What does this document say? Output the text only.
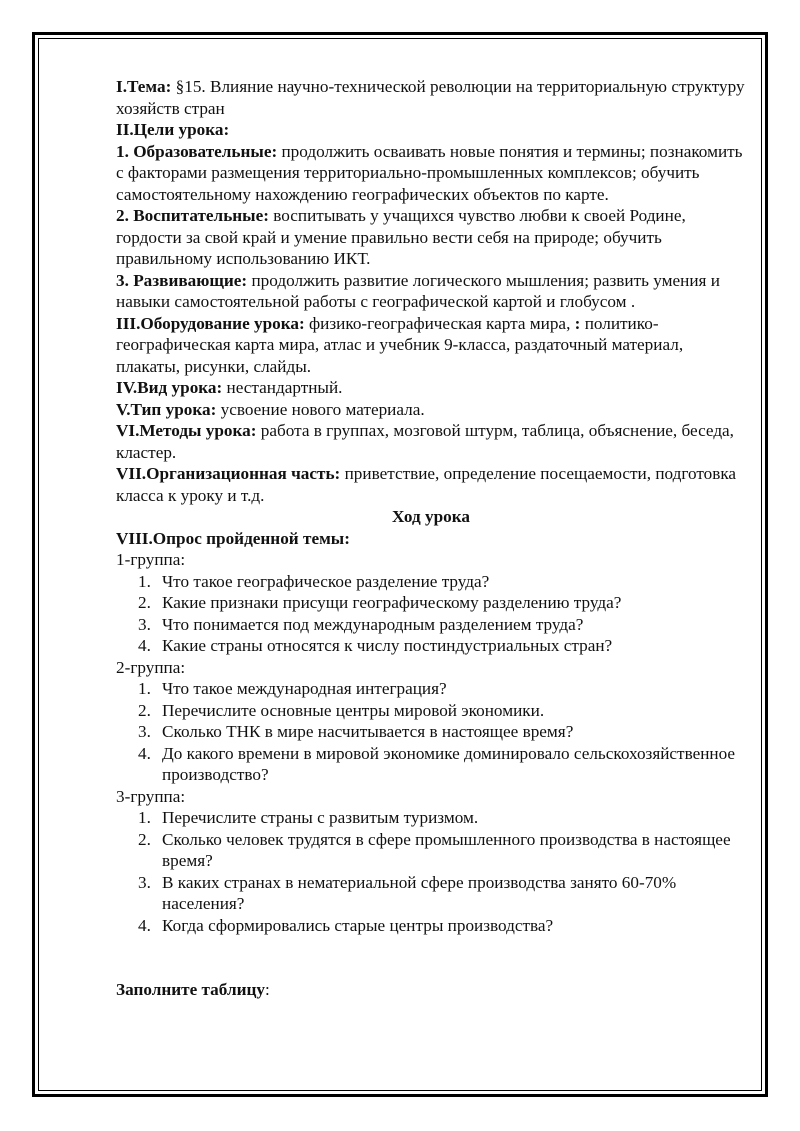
I.Тема: §15. Влияние научно-технической революции на территориальную структуру хозяйств стран

II.Цели урока:

1. Образовательные: продолжить осваивать новые понятия и термины; познакомить с факторами размещения территориально-промышленных комплексов; обучить самостоятельному нахождению географических объектов по карте.

2. Воспитательные: воспитывать у учащихся чувство любви к своей Родине, гордости за свой край и умение правильно вести себя на природе; обучить правильному использованию ИКТ.

3. Развивающие: продолжить развитие логического мышления; развить умения и навыки самостоятельной работы с географической картой и глобусом .

III.Оборудование урока: физико-географическая карта мира, : политико-географическая карта мира, атлас и учебник 9-класса, раздаточный материал, плакаты, рисунки, слайды.

IV.Вид урока: нестандартный.

V.Тип урока: усвоение нового материала.

VI.Методы урока: работа в группах, мозговой штурм, таблица, объяснение, беседа, кластер.

VII.Организационная часть: приветствие, определение посещаемости, подготовка класса к уроку и т.д.

Ход урока

VIII.Опрос пройденной темы:

1-группа:

1. Что такое географическое разделение труда?
2. Какие признаки присущи географическому разделению труда?
3. Что понимается под международным разделением труда?
4. Какие страны относятся к числу постиндустриальных стран?

2-группа:

1. Что такое международная интеграция?
2. Перечислите основные центры мировой экономики.
3. Сколько ТНК в мире насчитывается в настоящее время?
4. До какого времени в мировой экономике доминировало сельскохозяйственное производство?

3-группа:

1. Перечислите страны с развитым туризмом.
2. Сколько человек трудятся в сфере промышленного производства в настоящее время?
3. В каких странах в нематериальной сфере производства занято 60-70% населения?
4. Когда сформировались старые центры производства?

Заполните таблицу:
